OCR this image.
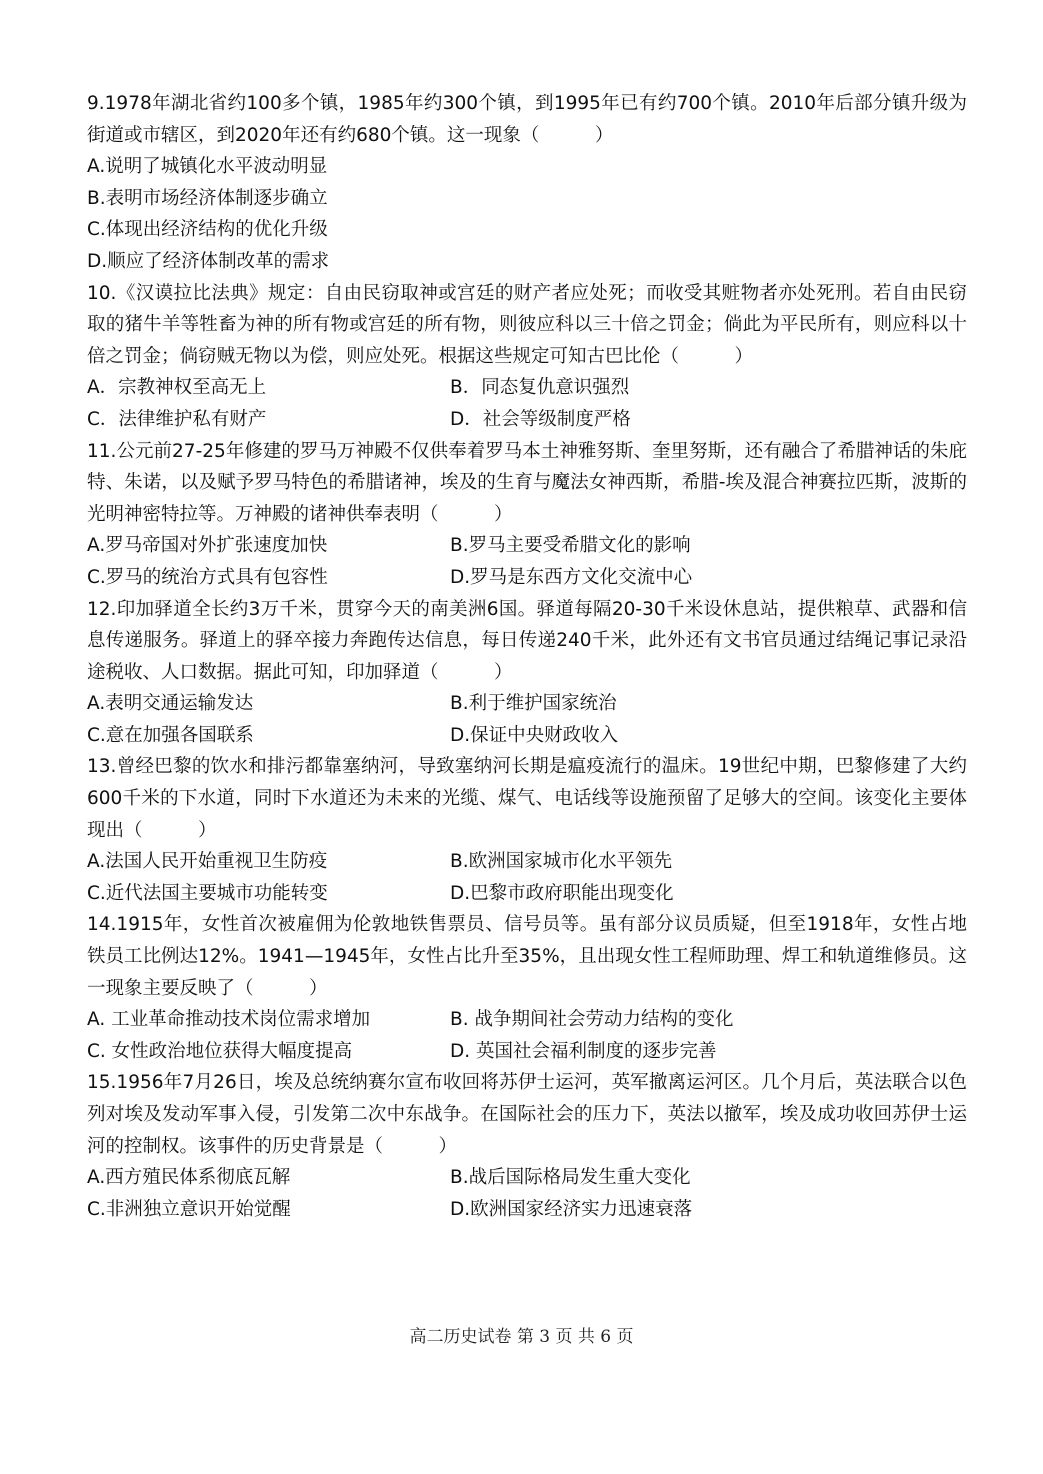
9.1978年湖北省约100多个镇，1985年约300个镇，到1995年已有约700个镇。2010年后部分镇升级为街道或市辖区，到2020年还有约680个镇。这一现象（　　　）

A.说明了城镇化水平波动明显

B.表明市场经济体制逐步确立

C.体现出经济结构的优化升级

D.顺应了经济体制改革的需求

10.《汉谟拉比法典》规定：自由民窃取神或宫廷的财产者应处死；而收受其赃物者亦处死刑。若自由民窃取的猪牛羊等牲畜为神的所有物或宫廷的所有物，则彼应科以三十倍之罚金；倘此为平民所有，则应科以十倍之罚金；倘窃贼无物以为偿，则应处死。根据这些规定可知古巴比伦（　　　）

A．宗教神权至高无上	B．同态复仇意识强烈
C．法律维护私有财产	D．社会等级制度严格

11.公元前27-25年修建的罗马万神殿不仅供奉着罗马本土神雅努斯、奎里努斯，还有融合了希腊神话的朱庇特、朱诺，以及赋予罗马特色的希腊诸神，埃及的生育与魔法女神西斯，希腊-埃及混合神赛拉匹斯，波斯的光明神密特拉等。万神殿的诸神供奉表明（　　　）

A.罗马帝国对外扩张速度加快	B.罗马主要受希腊文化的影响
C.罗马的统治方式具有包容性	D.罗马是东西方文化交流中心

12.印加驿道全长约3万千米，贯穿今天的南美洲6国。驿道每隔20-30千米设休息站，提供粮草、武器和信息传递服务。驿道上的驿卒接力奔跑传达信息，每日传递240千米，此外还有文书官员通过结绳记事记录沿途税收、人口数据。据此可知，印加驿道（　　　）

A.表明交通运输发达	B.利于维护国家统治
C.意在加强各国联系	D.保证中央财政收入

13.曾经巴黎的饮水和排污都靠塞纳河，导致塞纳河长期是瘟疫流行的温床。19世纪中期，巴黎修建了大约600千米的下水道，同时下水道还为未来的光缆、煤气、电话线等设施预留了足够大的空间。该变化主要体现出（　　　）

A.法国人民开始重视卫生防疫	B.欧洲国家城市化水平领先
C.近代法国主要城市功能转变	D.巴黎市政府职能出现变化

14.1915年，女性首次被雇佣为伦敦地铁售票员、信号员等。虽有部分议员质疑，但至1918年，女性占地铁员工比例达12%。1941—1945年，女性占比升至35%，且出现女性工程师助理、焊工和轨道维修员。这一现象主要反映了（　　　）

A. 工业革命推动技术岗位需求增加	B. 战争期间社会劳动力结构的变化
C. 女性政治地位获得大幅度提高	D. 英国社会福利制度的逐步完善

15.1956年7月26日，埃及总统纳赛尔宣布收回将苏伊士运河，英军撤离运河区。几个月后，英法联合以色列对埃及发动军事入侵，引发第二次中东战争。在国际社会的压力下，英法以撤军，埃及成功收回苏伊士运河的控制权。该事件的历史背景是（　　　）

A.西方殖民体系彻底瓦解	B.战后国际格局发生重大变化
C.非洲独立意识开始觉醒	D.欧洲国家经济实力迅速衰落
高二历史试卷 第 3 页 共 6 页
